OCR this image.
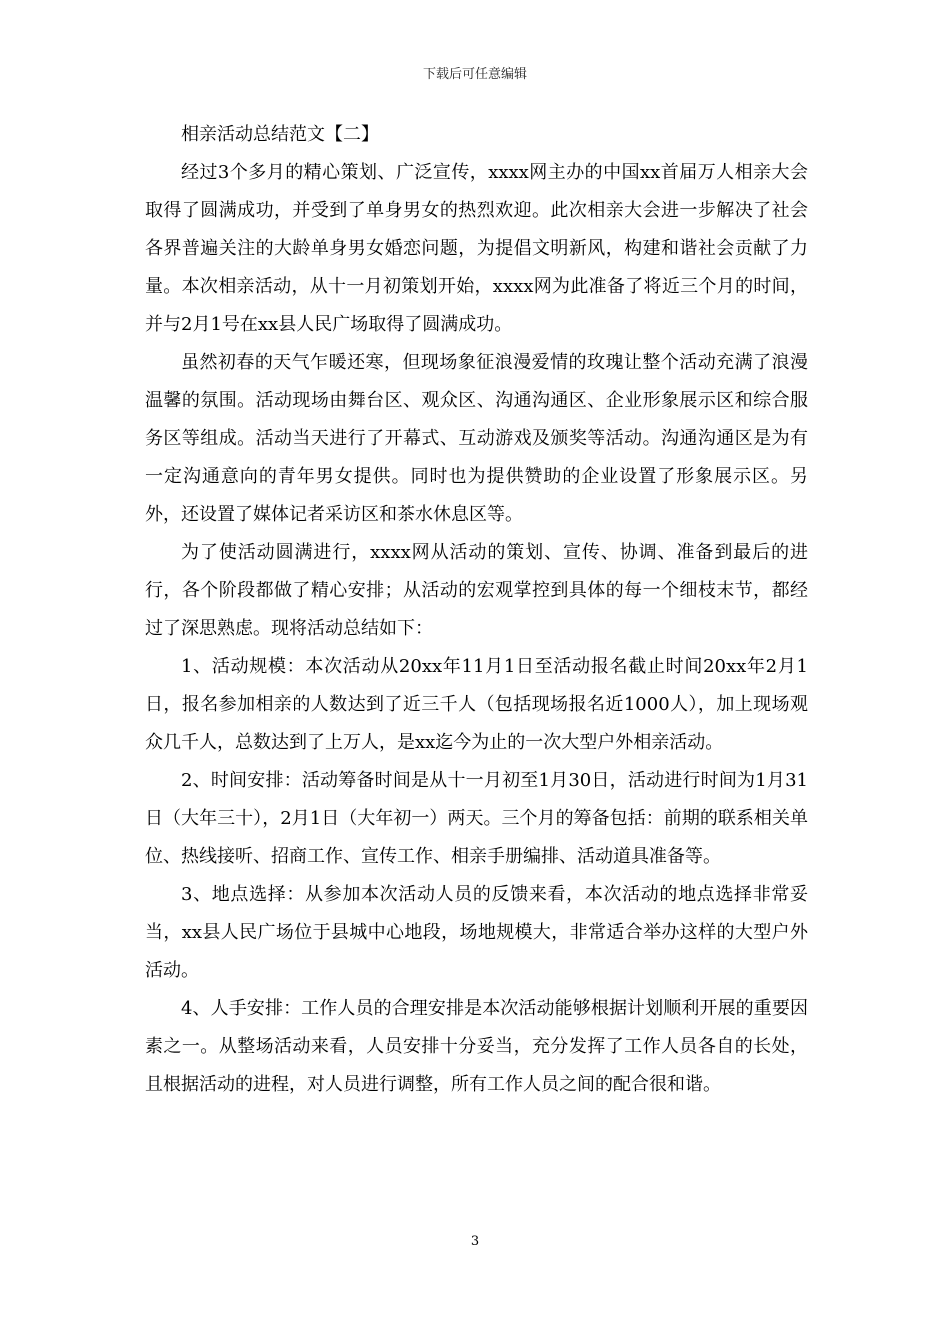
下载后可任意编辑
相亲活动总结范文【二】

经过3个多月的精心策划、广泛宣传，xxxx网主办的中国xx首届万人相亲大会取得了圆满成功，并受到了单身男女的热烈欢迎。此次相亲大会进一步解决了社会各界普遍关注的大龄单身男女婚恋问题，为提倡文明新风，构建和谐社会贡献了力量。本次相亲活动，从十一月初策划开始，xxxx网为此准备了将近三个月的时间，并与2月1号在xx县人民广场取得了圆满成功。

虽然初春的天气乍暖还寒，但现场象征浪漫爱情的玫瑰让整个活动充满了浪漫温馨的氛围。活动现场由舞台区、观众区、沟通沟通区、企业形象展示区和综合服务区等组成。活动当天进行了开幕式、互动游戏及颁奖等活动。沟通沟通区是为有一定沟通意向的青年男女提供。同时也为提供赞助的企业设置了形象展示区。另外，还设置了媒体记者采访区和茶水休息区等。

为了使活动圆满进行，xxxx网从活动的策划、宣传、协调、准备到最后的进行，各个阶段都做了精心安排；从活动的宏观掌控到具体的每一个细枝末节，都经过了深思熟虑。现将活动总结如下：

1、活动规模：本次活动从20xx年11月1日至活动报名截止时间20xx年2月1日，报名参加相亲的人数达到了近三千人（包括现场报名近1000人），加上现场观众几千人，总数达到了上万人，是xx迄今为止的一次大型户外相亲活动。

2、时间安排：活动筹备时间是从十一月初至1月30日，活动进行时间为1月31日（大年三十），2月1日（大年初一）两天。三个月的筹备包括：前期的联系相关单位、热线接听、招商工作、宣传工作、相亲手册编排、活动道具准备等。

3、地点选择：从参加本次活动人员的反馈来看，本次活动的地点选择非常妥当，xx县人民广场位于县城中心地段，场地规模大，非常适合举办这样的大型户外活动。

4、人手安排：工作人员的合理安排是本次活动能够根据计划顺利开展的重要因素之一。从整场活动来看，人员安排十分妥当，充分发挥了工作人员各自的长处，且根据活动的进程，对人员进行调整，所有工作人员之间的配合很和谐。

3
